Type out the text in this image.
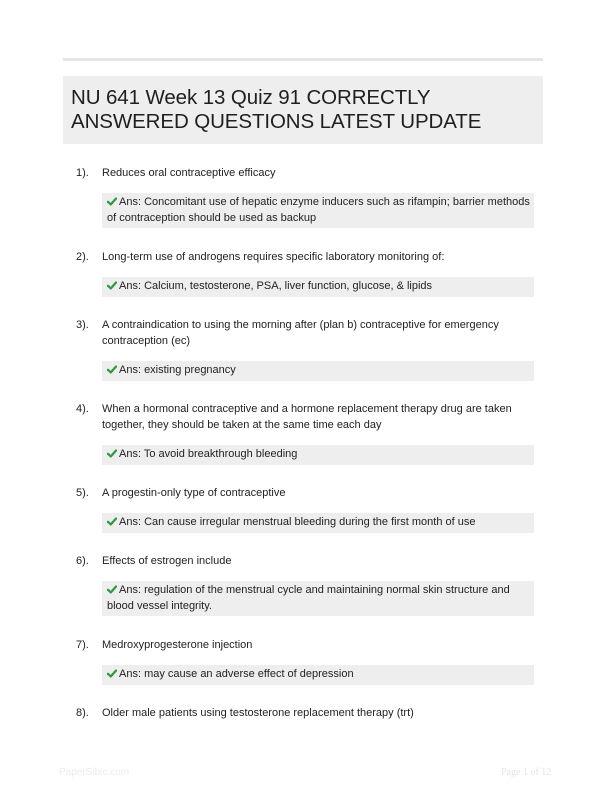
NU 641 Week 13 Quiz 91 CORRECTLY ANSWERED QUESTIONS LATEST UPDATE
1).	Reduces oral contraceptive efficacy
Ans: Concomitant use of hepatic enzyme inducers such as rifampin; barrier methods of contraception should be used as backup
2).	Long-term use of androgens requires specific laboratory monitoring of:
Ans: Calcium, testosterone, PSA, liver function, glucose, & lipids
3).	A contraindication to using the morning after (plan b) contraceptive for emergency contraception (ec)
Ans: existing pregnancy
4).	When a hormonal contraceptive and a hormone replacement therapy drug are taken together, they should be taken at the same time each day
Ans: To avoid breakthrough bleeding
5).	A progestin-only type of contraceptive
Ans: Can cause irregular menstrual bleeding during the first month of use
6).	Effects of estrogen include
Ans: regulation of the menstrual cycle and maintaining normal skin structure and blood vessel integrity.
7).	Medroxyprogesterone injection
Ans: may cause an adverse effect of depression
8).	Older male patients using testosterone replacement therapy (trt)
PaperSibic.com	Page 1 of 12
